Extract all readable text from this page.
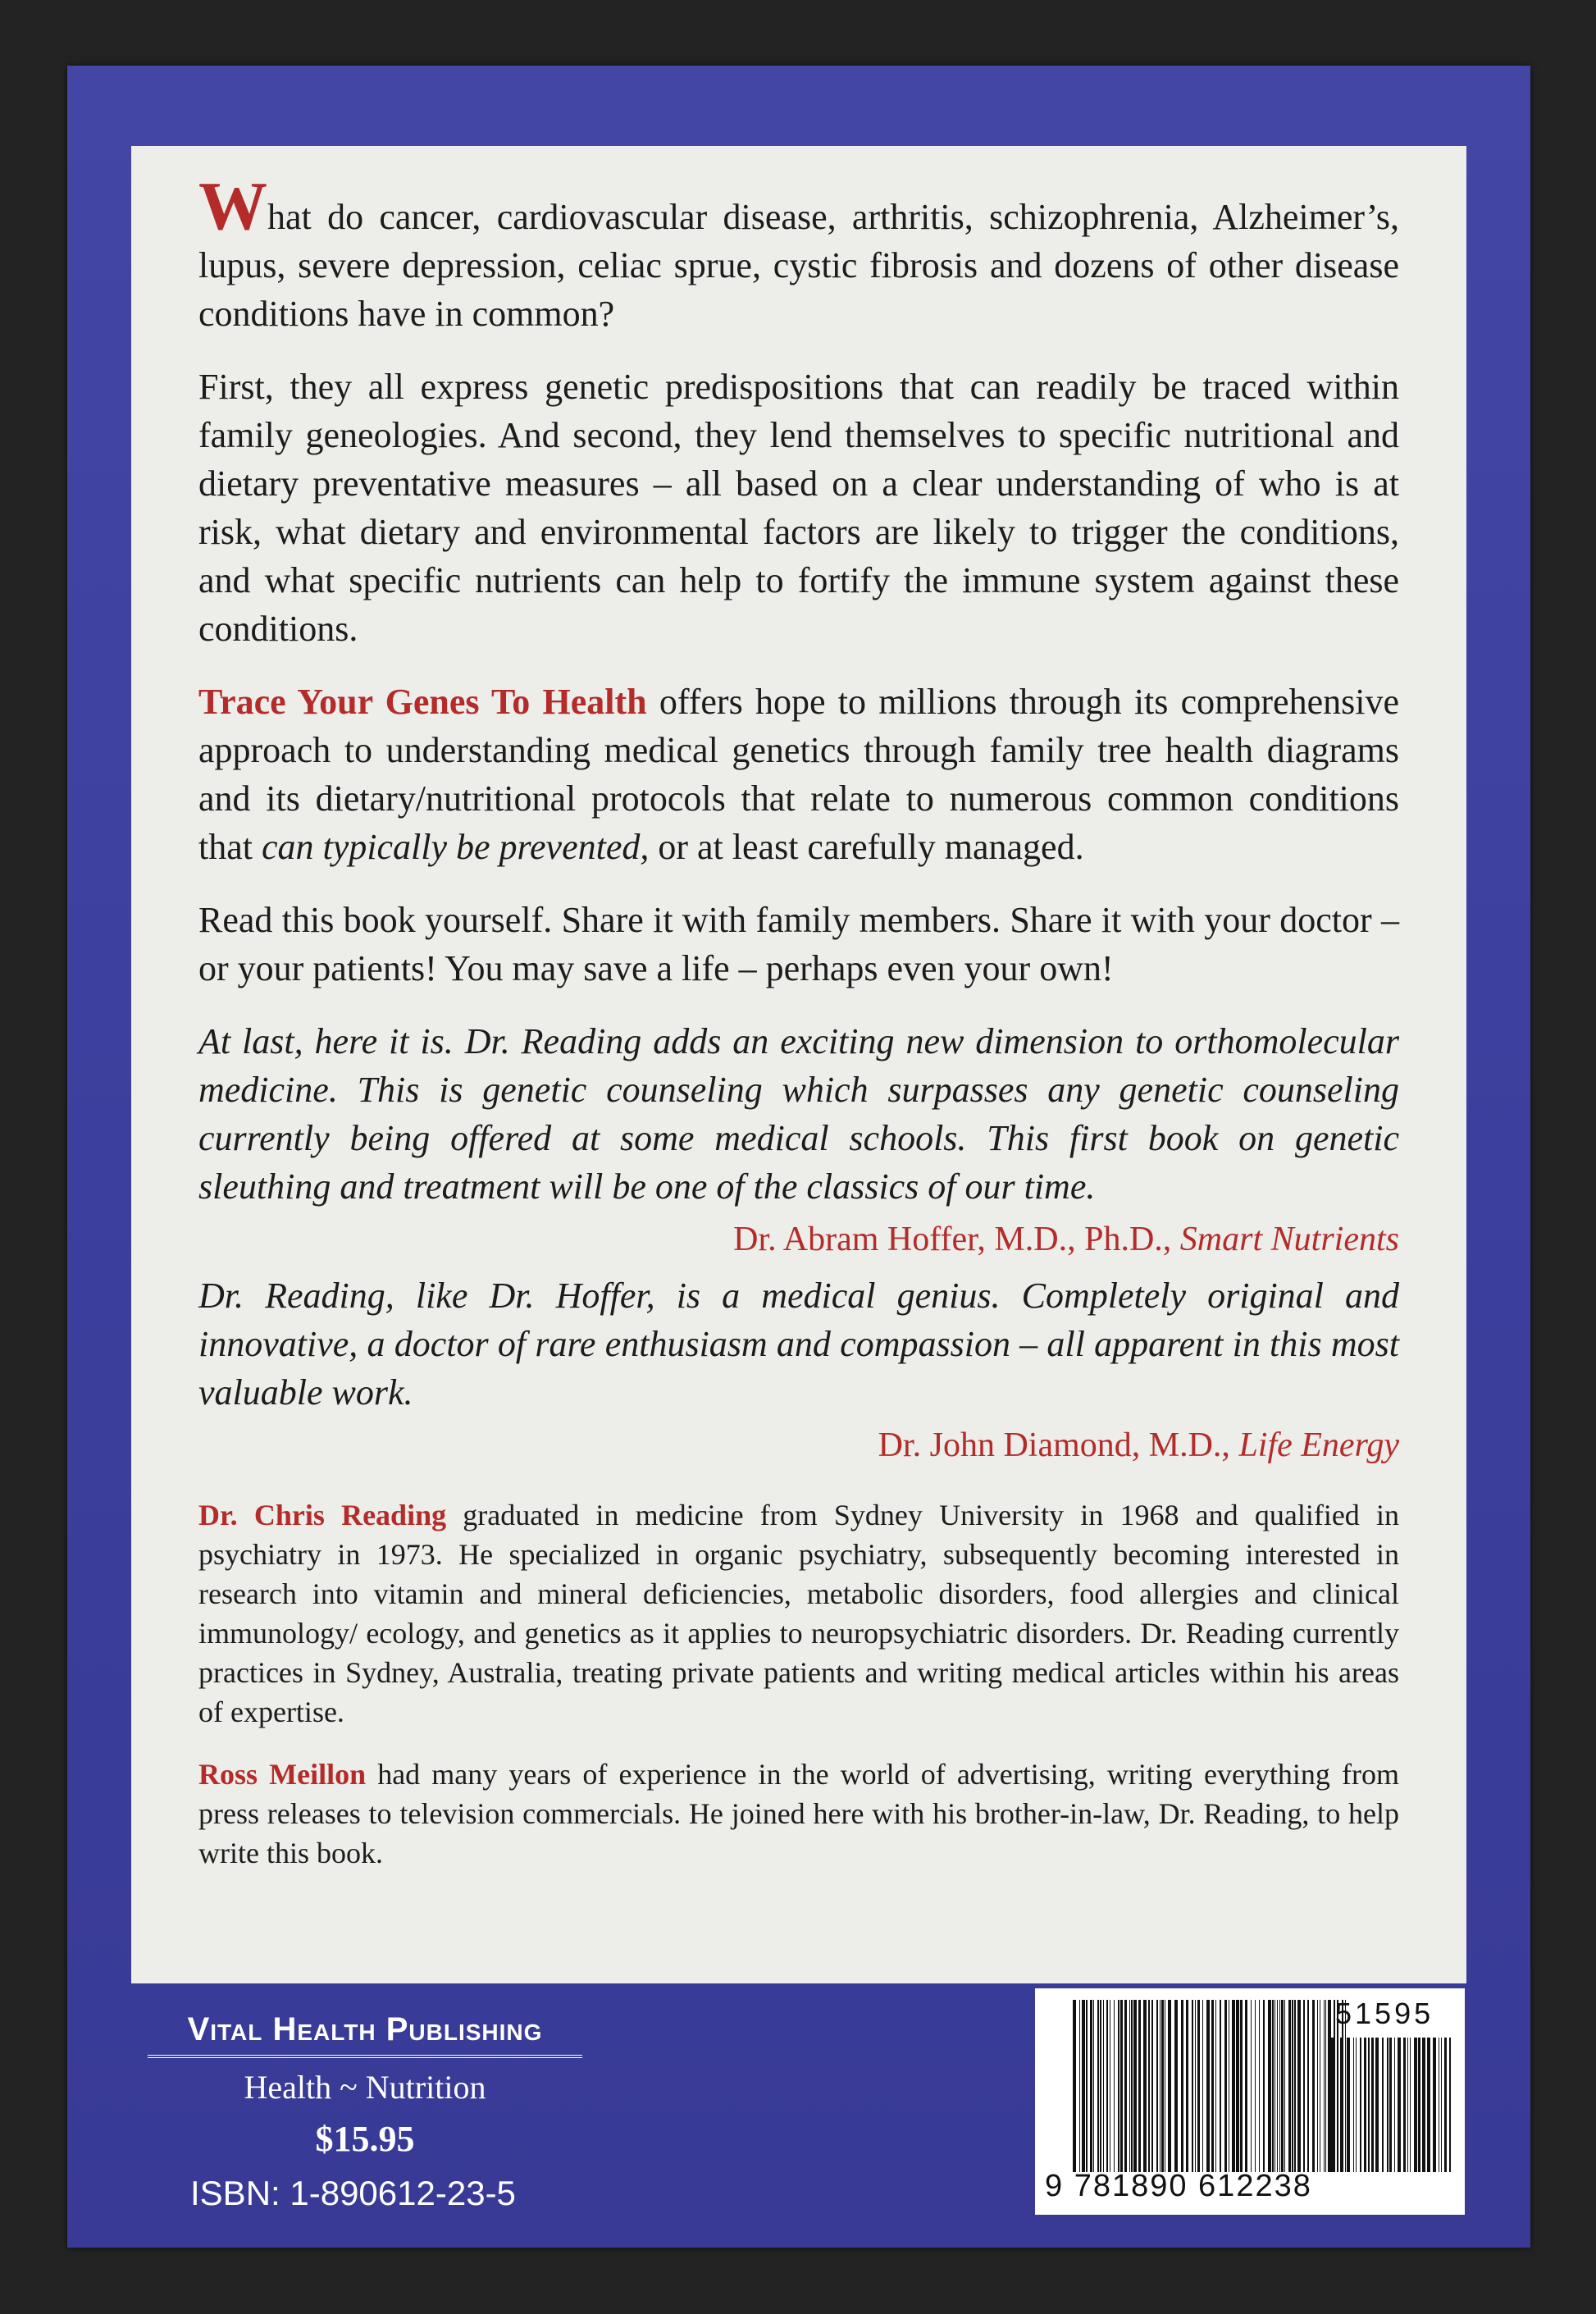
What do cancer, cardiovascular disease, arthritis, schizophrenia, Alzheimer’s, lupus, severe depression, celiac sprue, cystic fibrosis and dozens of other disease conditions have in common?

First, they all express genetic predispositions that can readily be traced within family geneologies. And second, they lend themselves to specific nutritional and dietary preventative measures – all based on a clear understanding of who is at risk, what dietary and environmental factors are likely to trigger the conditions, and what specific nutrients can help to fortify the immune system against these conditions.

Trace Your Genes To Health offers hope to millions through its comprehensive approach to understanding medical genetics through family tree health diagrams and its dietary/nutritional protocols that relate to numerous common conditions that can typically be prevented, or at least carefully managed.

Read this book yourself. Share it with family members. Share it with your doctor – or your patients! You may save a life – perhaps even your own!

At last, here it is. Dr. Reading adds an exciting new dimension to orthomolecular medicine. This is genetic counseling which surpasses any genetic counseling currently being offered at some medical schools. This first book on genetic sleuthing and treatment will be one of the classics of our time.

Dr. Abram Hoffer, M.D., Ph.D., Smart Nutrients

Dr. Reading, like Dr. Hoffer, is a medical genius. Completely original and innovative, a doctor of rare enthusiasm and compassion – all apparent in this most valuable work.

Dr. John Diamond, M.D., Life Energy

Dr. Chris Reading graduated in medicine from Sydney University in 1968 and qualified in psychiatry in 1973. He specialized in organic psychiatry, subsequently becoming interested in research into vitamin and mineral deficiencies, metabolic disorders, food allergies and clinical immunology/ ecology, and genetics as it applies to neuropsychiatric disorders. Dr. Reading currently practices in Sydney, Australia, treating private patients and writing medical articles within his areas of expertise.

Ross Meillon had many years of experience in the world of advertising, writing everything from press releases to television commercials. He joined here with his brother-in-law, Dr. Reading, to help write this book.

Vital Health Publishing
Health ~ Nutrition
$15.95
ISBN: 1-890612-23-5	9 781890 612238
51595
